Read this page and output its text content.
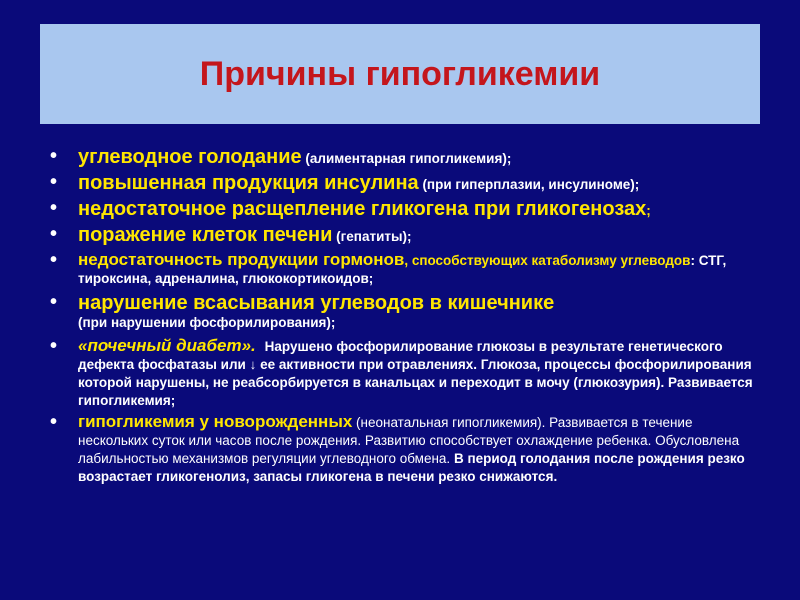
Причины гипогликемии
• углеводное голодание (алиментарная гипогликемия);
• повышенная продукция инсулина (при гиперплазии, инсулиноме);
• недостаточное расщепление гликогена при гликогенозах;
• поражение клеток печени (гепатиты);
• недостаточность продукции гормонов, способствующих катаболизму углеводов: СТГ, тироксина, адреналина, глюкокортикоидов;
• нарушение всасывания углеводов в кишечнике
(при нарушении фосфорилирования);
• «почечный диабет». Нарушено фосфорилирование глюкозы в результате генетического дефекта фосфатазы или ↓ ее активности при отравлениях. Глюкоза, процессы фосфорилирования которой нарушены, не реабсорбируется в канальцах и переходит в мочу (глюкозурия). Развивается гипогликемия;
• гипогликемия у новорожденных (неонатальная гипогликемия). Развивается в течение нескольких суток или часов после рождения. Развитию способствует охлаждение ребенка. Обусловлена лабильностью механизмов регуляции углеводного обмена. В период голодания после рождения резко возрастает гликогенолиз, запасы гликогена в печени резко снижаются.
